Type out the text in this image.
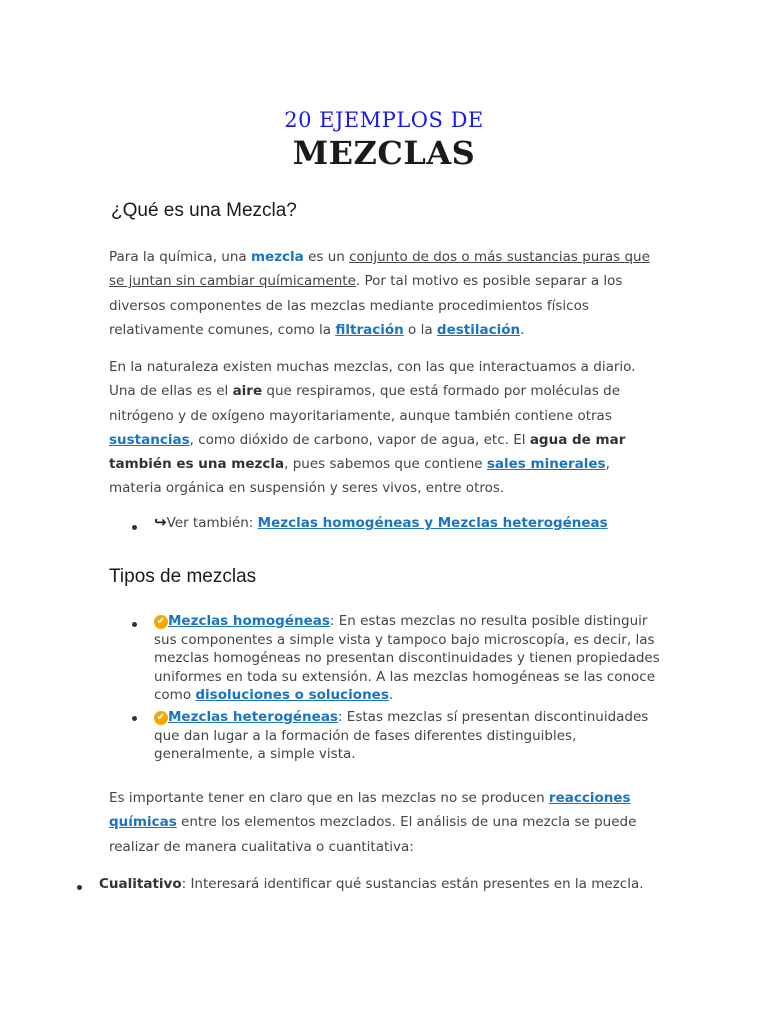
20 EJEMPLOS DE
MEZCLAS
¿Qué es una Mezcla?
Para la química, una mezcla es un conjunto de dos o más sustancias puras que se juntan sin cambiar químicamente. Por tal motivo es posible separar a los diversos componentes de las mezclas mediante procedimientos físicos relativamente comunes, como la filtración o la destilación.
En la naturaleza existen muchas mezclas, con las que interactuamos a diario. Una de ellas es el aire que respiramos, que está formado por moléculas de nitrógeno y de oxígeno mayoritariamente, aunque también contiene otras sustancias, como dióxido de carbono, vapor de agua, etc. El agua de mar también es una mezcla, pues sabemos que contiene sales minerales, materia orgánica en suspensión y seres vivos, entre otros.
↪Ver también: Mezclas homogéneas y Mezclas heterogéneas
Tipos de mezclas
✔ Mezclas homogéneas: En estas mezclas no resulta posible distinguir sus componentes a simple vista y tampoco bajo microscopía, es decir, las mezclas homogéneas no presentan discontinuidades y tienen propiedades uniformes en toda su extensión. A las mezclas homogéneas se las conoce como disoluciones o soluciones.
✔ Mezclas heterogéneas: Estas mezclas sí presentan discontinuidades que dan lugar a la formación de fases diferentes distinguibles, generalmente, a simple vista.
Es importante tener en claro que en las mezclas no se producen reacciones químicas entre los elementos mezclados. El análisis de una mezcla se puede realizar de manera cualitativa o cuantitativa:
Cualitativo: Interesará identificar qué sustancias están presentes en la mezcla.
